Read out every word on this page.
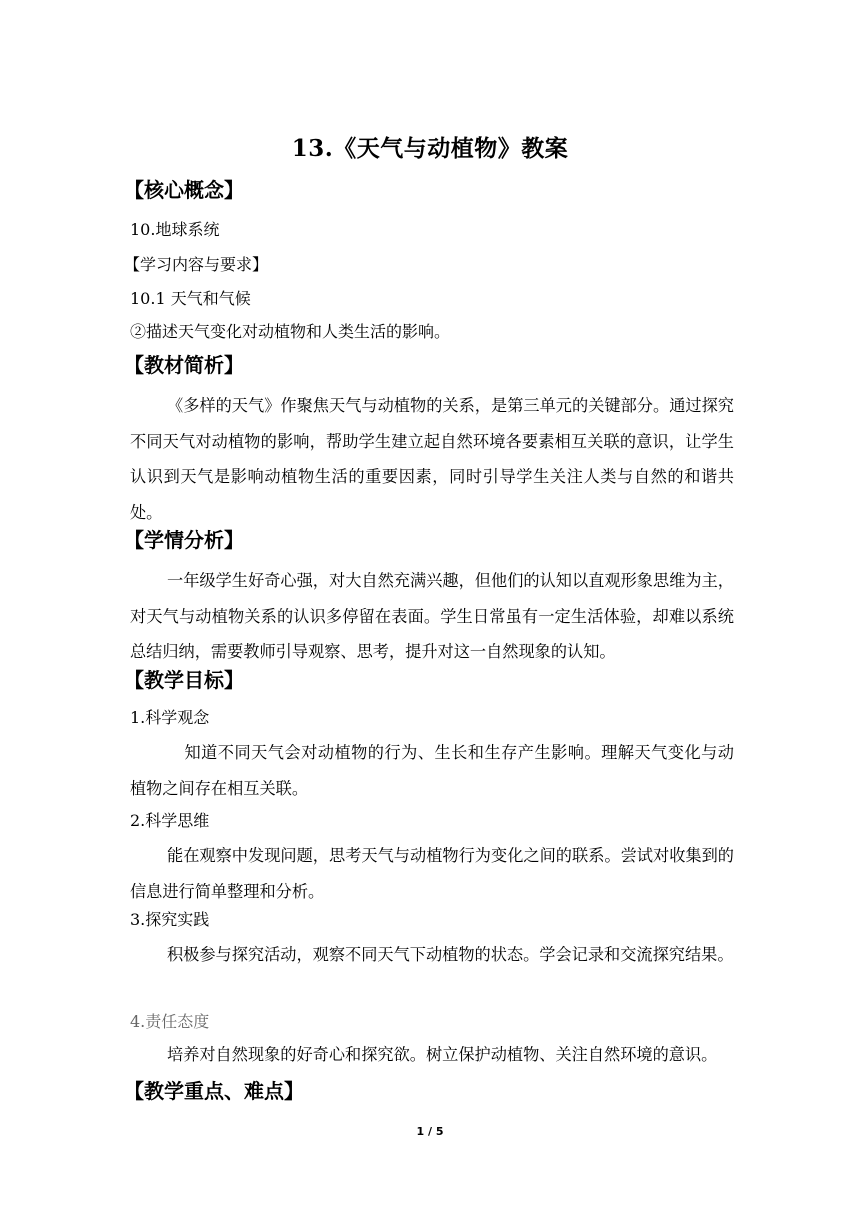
13.《天气与动植物》教案
【核心概念】
10.地球系统
【学习内容与要求】
10.1 天气和气候
②描述天气变化对动植物和人类生活的影响。
【教材简析】
《多样的天气》作聚焦天气与动植物的关系，是第三单元的关键部分。通过探究不同天气对动植物的影响，帮助学生建立起自然环境各要素相互关联的意识，让学生认识到天气是影响动植物生活的重要因素，同时引导学生关注人类与自然的和谐共处。
【学情分析】
一年级学生好奇心强，对大自然充满兴趣，但他们的认知以直观形象思维为主，对天气与动植物关系的认识多停留在表面。学生日常虽有一定生活体验，却难以系统总结归纳，需要教师引导观察、思考，提升对这一自然现象的认知。
【教学目标】
1.科学观念
知道不同天气会对动植物的行为、生长和生存产生影响。理解天气变化与动植物之间存在相互关联。
2.科学思维
能在观察中发现问题，思考天气与动植物行为变化之间的联系。尝试对收集到的信息进行简单整理和分析。
3.探究实践
积极参与探究活动，观察不同天气下动植物的状态。学会记录和交流探究结果。
4.责任态度
培养对自然现象的好奇心和探究欲。树立保护动植物、关注自然环境的意识。
【教学重点、难点】
1 / 5
